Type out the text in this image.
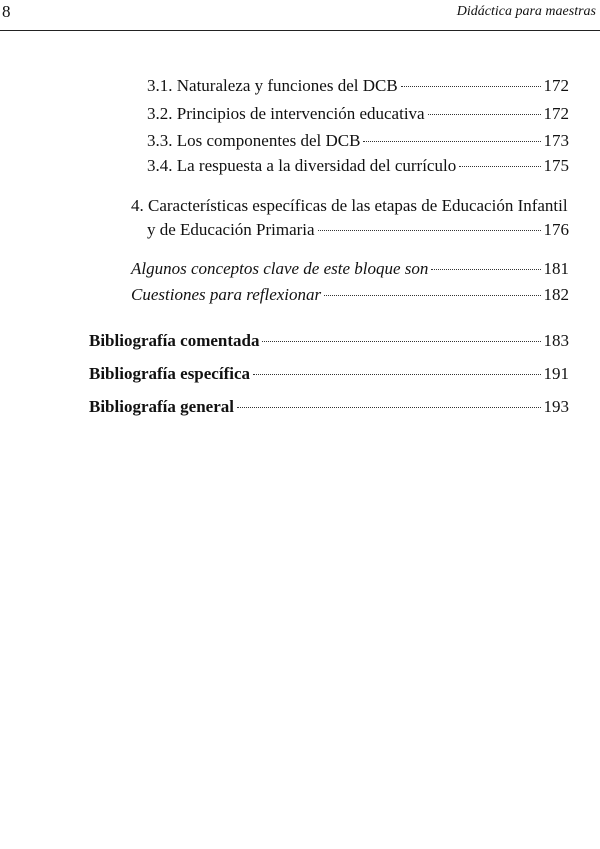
8	Didáctica para maestras
3.1. Naturaleza y funciones del DCB	172
3.2. Principios de intervención educativa	172
3.3. Los componentes del DCB	173
3.4. La respuesta a la diversidad del currículo	175
4. Características específicas de las etapas de Educación Infantil
y de Educación Primaria	176
Algunos conceptos clave de este bloque son	181
Cuestiones para reflexionar	182
Bibliografía comentada	183
Bibliografía específica	191
Bibliografía general	193
